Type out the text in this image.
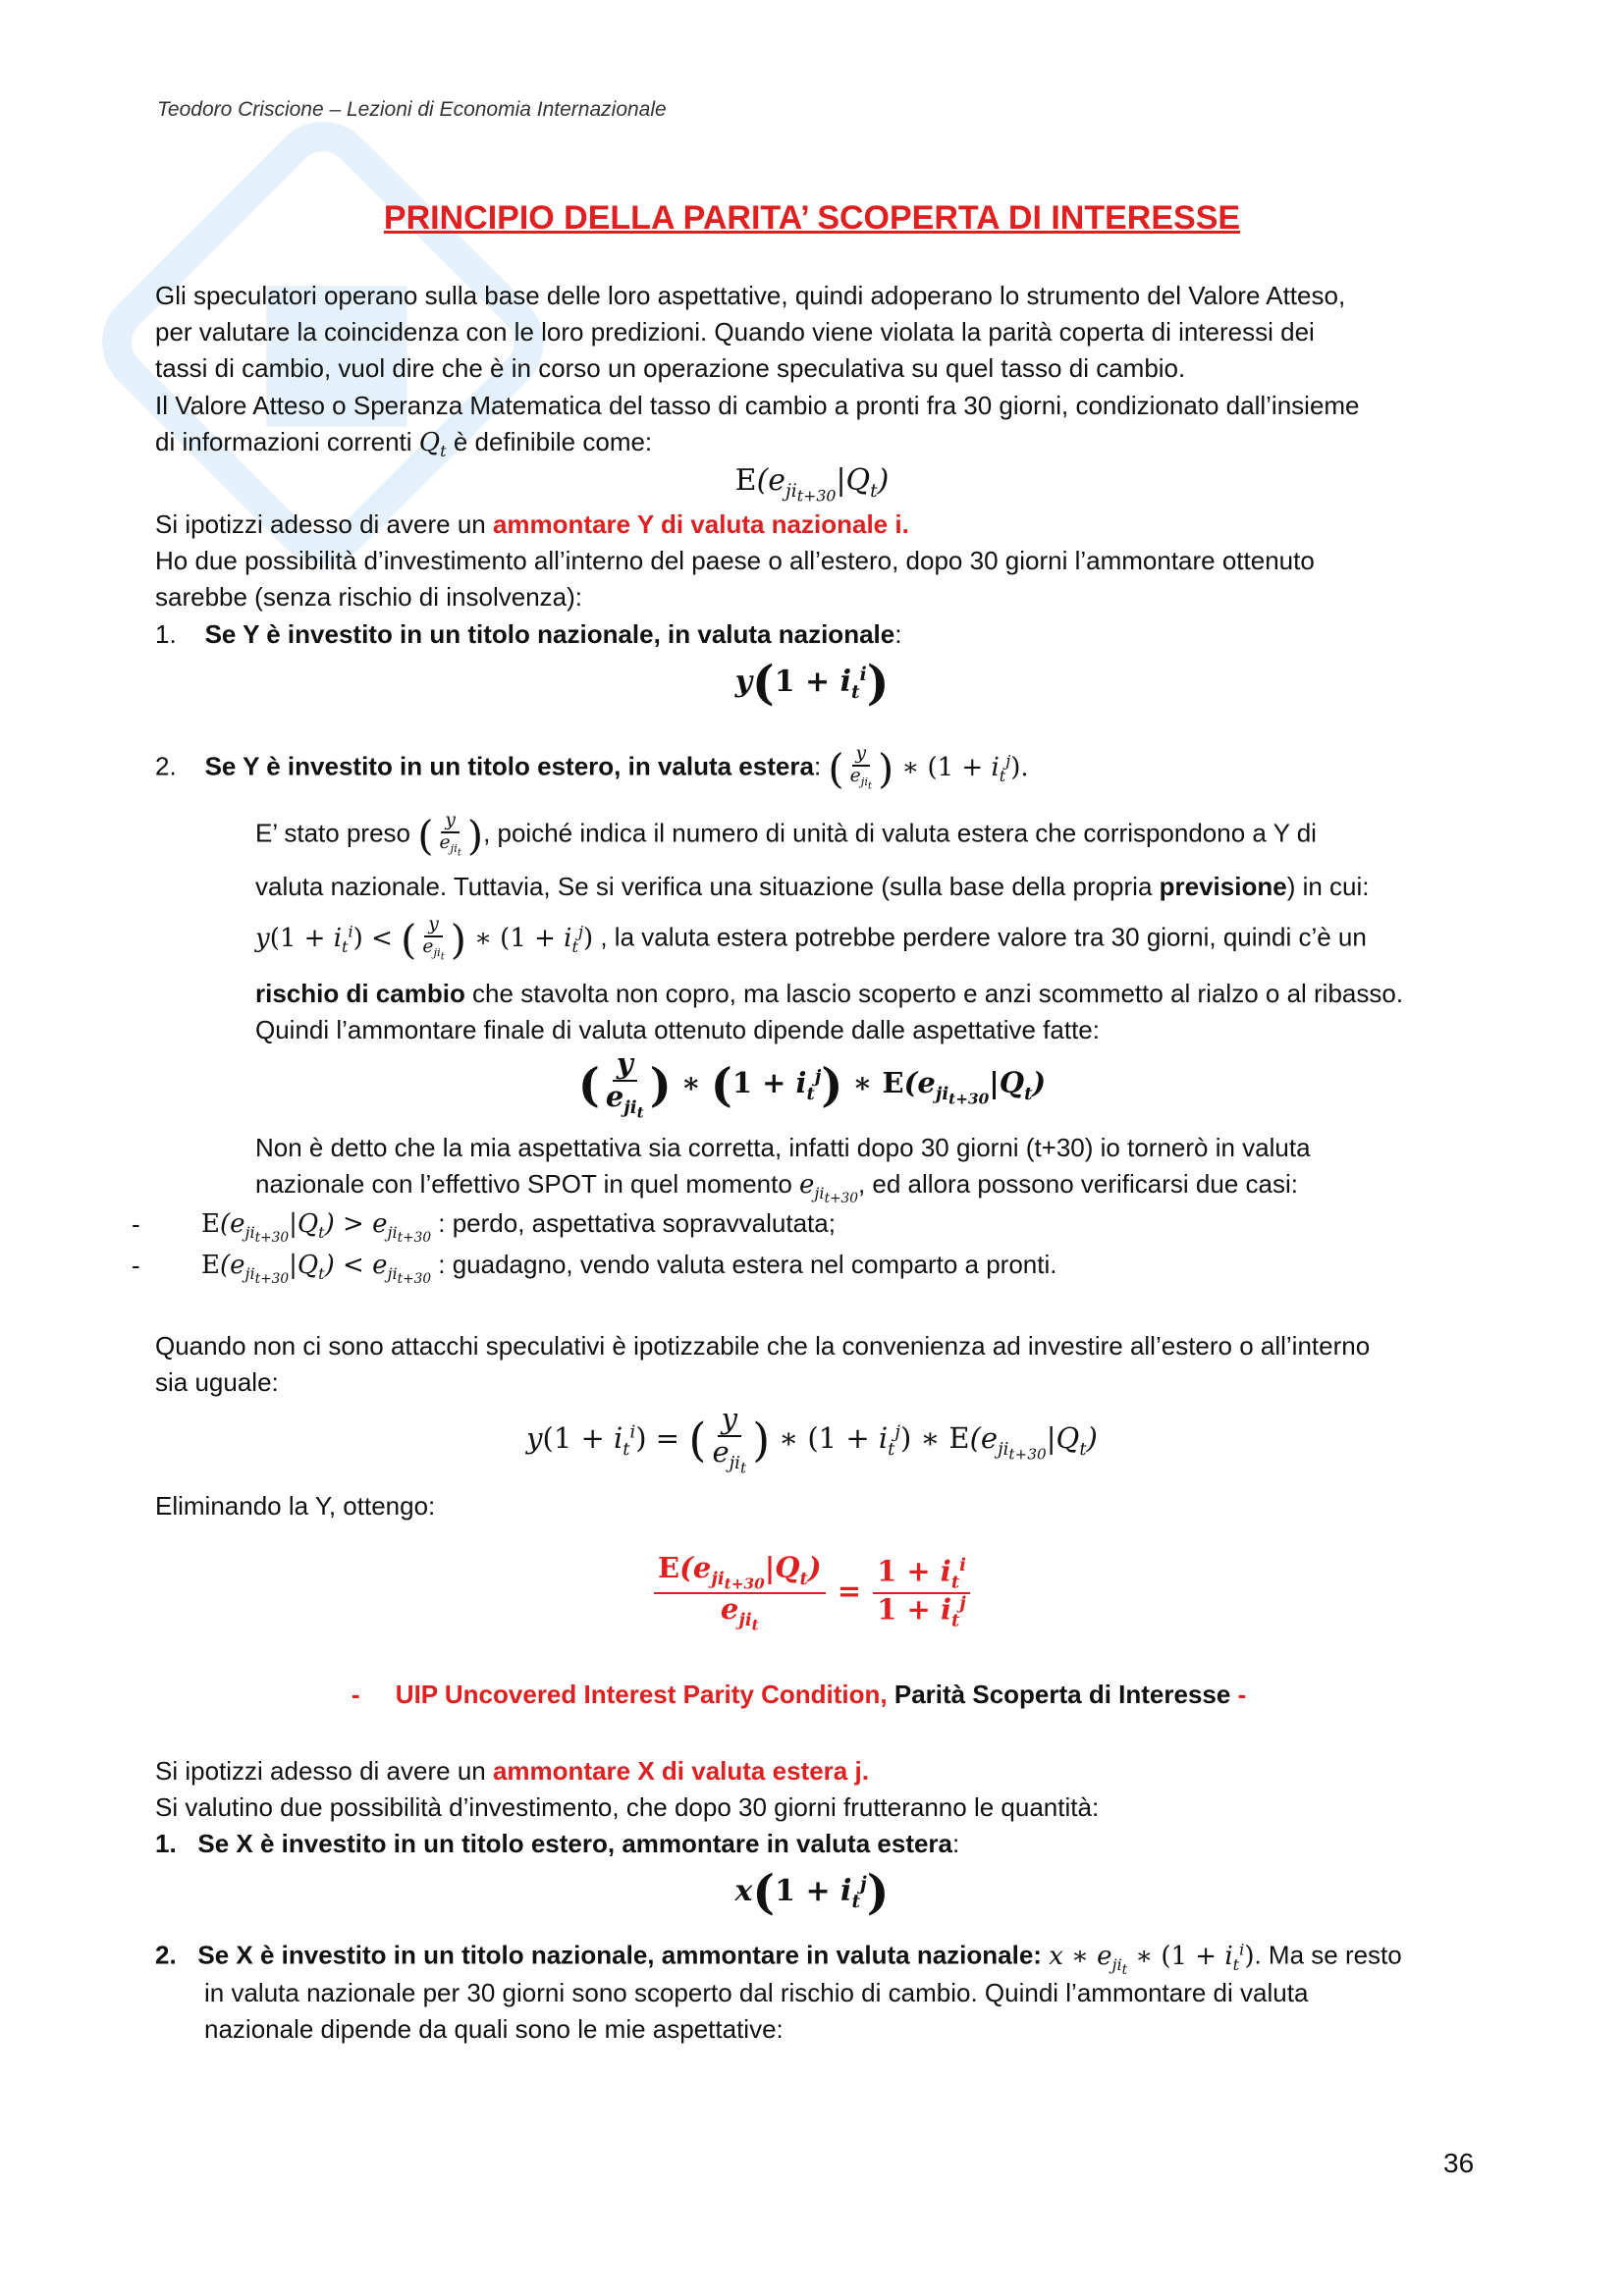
Teodoro Criscione – Lezioni di Economia Internazionale
PRINCIPIO DELLA PARITA’ SCOPERTA DI INTERESSE
Gli speculatori operano sulla base delle loro aspettative, quindi adoperano lo strumento del Valore Atteso,
per valutare la coincidenza con le loro predizioni. Quando viene violata la parità coperta di interessi dei
tassi di cambio, vuol dire che è in corso un operazione speculativa su quel tasso di cambio.
Il Valore Atteso o Speranza Matematica del tasso di cambio a pronti fra 30 giorni, condizionato dall’insieme
di informazioni correnti $Q_t$ è definibile come:
$E(e_{ji_{t+30}}|Q_t)$
Si ipotizzi adesso di avere un ammontare Y di valuta nazionale i.
Ho due possibilità d’investimento all’interno del paese o all’estero, dopo 30 giorni l’ammontare ottenuto
sarebbe (senza rischio di insolvenza):
1. Se Y è investito in un titolo nazionale, in valuta nazionale:
$y(1 + i_t^i)$
2. Se Y è investito in un titolo estero, in valuta estera: ( $\frac{y}{e_{ji_t}}$ ) ∗ $(1 + i_t^j)$.
E’ stato preso ( $\frac{y}{e_{ji_t}}$ ), poiché indica il numero di unità di valuta estera che corrispondono a Y di
valuta nazionale. Tuttavia, Se si verifica una situazione (sulla base della propria previsione) in cui:
$y(1 + i_t^i)$ < ( $\frac{y}{e_{ji_t}}$ ) ∗ $(1 + i_t^j)$ , la valuta estera potrebbe perdere valore tra 30 giorni, quindi c’è un
rischio di cambio che stavolta non copro, ma lascio scoperto e anzi scommetto al rialzo o al ribasso.
Quindi l’ammontare finale di valuta ottenuto dipende dalle aspettative fatte:
( $\frac{y}{e_{ji_t}}$ ) ∗ $(1 + i_t^j)$ ∗ $E(e_{ji_{t+30}}|Q_t)$
Non è detto che la mia aspettativa sia corretta, infatti dopo 30 giorni (t+30) io tornerò in valuta
nazionale con l’effettivo SPOT in quel momento $e_{ji_{t+30}}$, ed allora possono verificarsi due casi:
- $E(e_{ji_{t+30}}|Q_t) > e_{ji_{t+30}}$ : perdo, aspettativa sopravvalutata;
- $E(e_{ji_{t+30}}|Q_t) < e_{ji_{t+30}}$ : guadagno, vendo valuta estera nel comparto a pronti.
Quando non ci sono attacchi speculativi è ipotizzabile che la convenienza ad investire all’estero o all’interno
sia uguale:
$y(1 + i_t^i)$ = ( $\frac{y}{e_{ji_t}}$ ) ∗ $(1 + i_t^j)$ ∗ $E(e_{ji_{t+30}}|Q_t)$
Eliminando la Y, ottengo:
$\frac{E(e_{ji_{t+30}}|Q_t)}{e_{ji_t}} = \frac{1 + i_t^i}{1 + i_t^j}$
- UIP Uncovered Interest Parity Condition, Parità Scoperta di Interesse -
Si ipotizzi adesso di avere un ammontare X di valuta estera j.
Si valutino due possibilità d’investimento, che dopo 30 giorni frutteranno le quantità:
1. Se X è investito in un titolo estero, ammontare in valuta estera:
$x(1 + i_t^j)$
2. Se X è investito in un titolo nazionale, ammontare in valuta nazionale: x ∗ $e_{ji_t}$ ∗ $(1 + i_t^i)$. Ma se resto
in valuta nazionale per 30 giorni sono scoperto dal rischio di cambio. Quindi l’ammontare di valuta
nazionale dipende da quali sono le mie aspettative:
36
